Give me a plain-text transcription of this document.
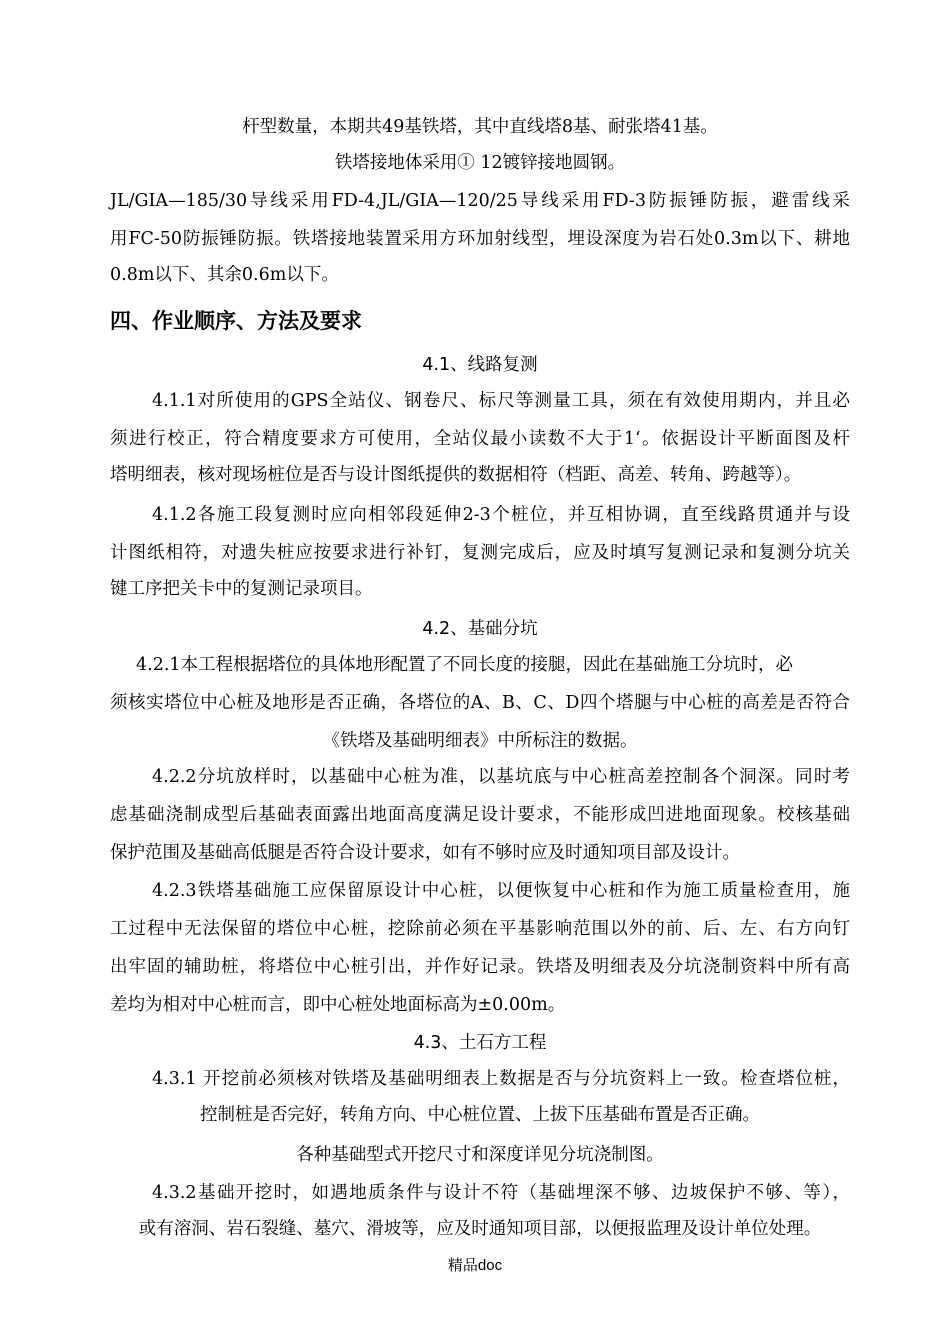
杆型数量，本期共49基铁塔，其中直线塔8基、耐张塔41基。
铁塔接地体采用① 12镀锌接地圆钢。
JL/GIA—185/30导线采用FD-4,JL/GIA—120/25导线采用FD-3防振锤防振，避雷线采
用FC-50防振锤防振。铁塔接地装置采用方环加射线型，埋设深度为岩石处0.3m以下、耕地
0.8m以下、其余0.6m以下。
四、作业顺序、方法及要求
4.1、线路复测
4.1.1对所使用的GPS全站仪、钢卷尺、标尺等测量工具，须在有效使用期内，并且必
须进行校正，符合精度要求方可使用，全站仪最小读数不大于1‘。依据设计平断面图及杆
塔明细表，核对现场桩位是否与设计图纸提供的数据相符（档距、高差、转角、跨越等）。
4.1.2各施工段复测时应向相邻段延伸2-3个桩位，并互相协调，直至线路贯通并与设
计图纸相符，对遗失桩应按要求进行补钉，复测完成后，应及时填写复测记录和复测分坑关
键工序把关卡中的复测记录项目。
4.2、基础分坑
4.2.1本工程根据塔位的具体地形配置了不同长度的接腿，因此在基础施工分坑时，必
须核实塔位中心桩及地形是否正确，各塔位的A、B、C、D四个塔腿与中心桩的高差是否符合
《铁塔及基础明细表》中所标注的数据。
4.2.2分坑放样时，以基础中心桩为准，以基坑底与中心桩高差控制各个洞深。同时考
虑基础浇制成型后基础表面露出地面高度满足设计要求，不能形成凹进地面现象。校核基础
保护范围及基础高低腿是否符合设计要求，如有不够时应及时通知项目部及设计。
4.2.3铁塔基础施工应保留原设计中心桩，以便恢复中心桩和作为施工质量检查用，施
工过程中无法保留的塔位中心桩，挖除前必须在平基影响范围以外的前、后、左、右方向钉
出牢固的辅助桩，将塔位中心桩引出，并作好记录。铁塔及明细表及分坑浇制资料中所有高
差均为相对中心桩而言，即中心桩处地面标高为±0.00m。
4.3、土石方工程
4.3.1 开挖前必须核对铁塔及基础明细表上数据是否与分坑资料上一致。检查塔位桩，
控制桩是否完好，转角方向、中心桩位置、上拔下压基础布置是否正确。
各种基础型式开挖尺寸和深度详见分坑浇制图。
4.3.2基础开挖时，如遇地质条件与设计不符（基础埋深不够、边坡保护不够、等），
或有溶洞、岩石裂缝、墓穴、滑坡等，应及时通知项目部，以便报监理及设计单位处理。
精品doc
